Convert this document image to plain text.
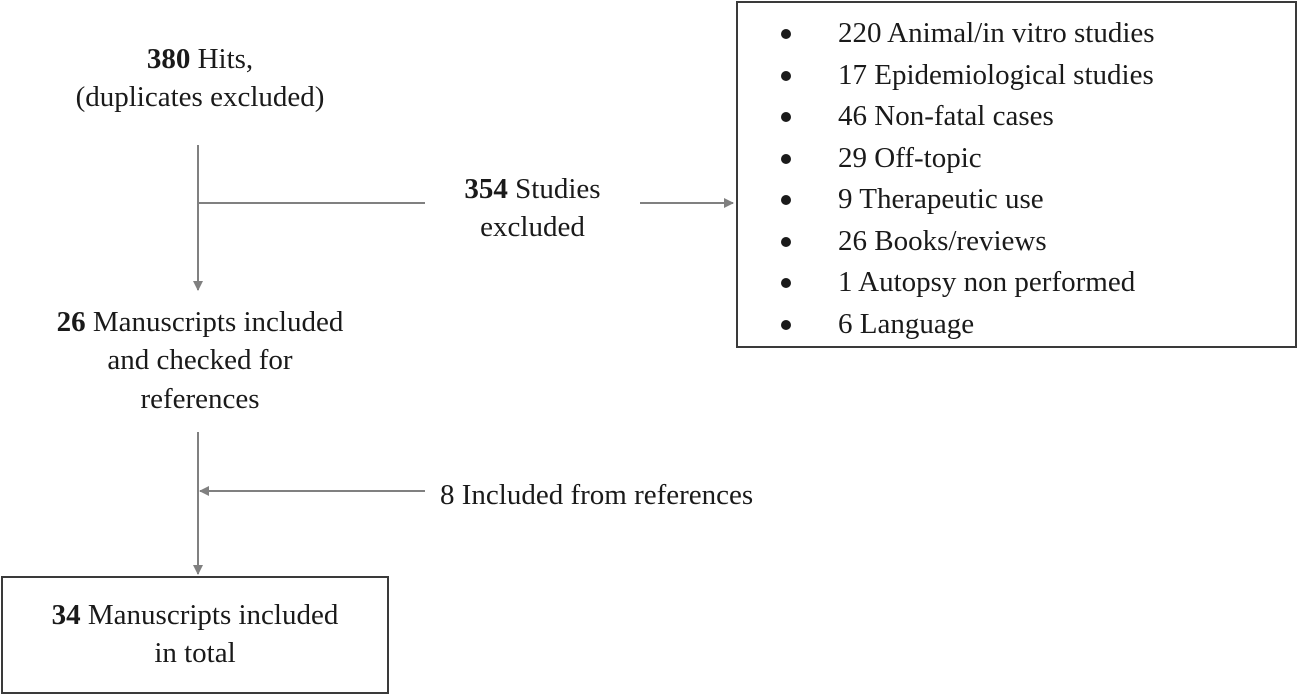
380 Hits,
(duplicates excluded)
354 Studies
excluded
220 Animal/in vitro studies
17 Epidemiological studies
46 Non-fatal cases
29 Off-topic
9 Therapeutic use
26 Books/reviews
1 Autopsy non performed
6 Language
26 Manuscripts included
and checked for
references
8 Included from references
34 Manuscripts included
in total
